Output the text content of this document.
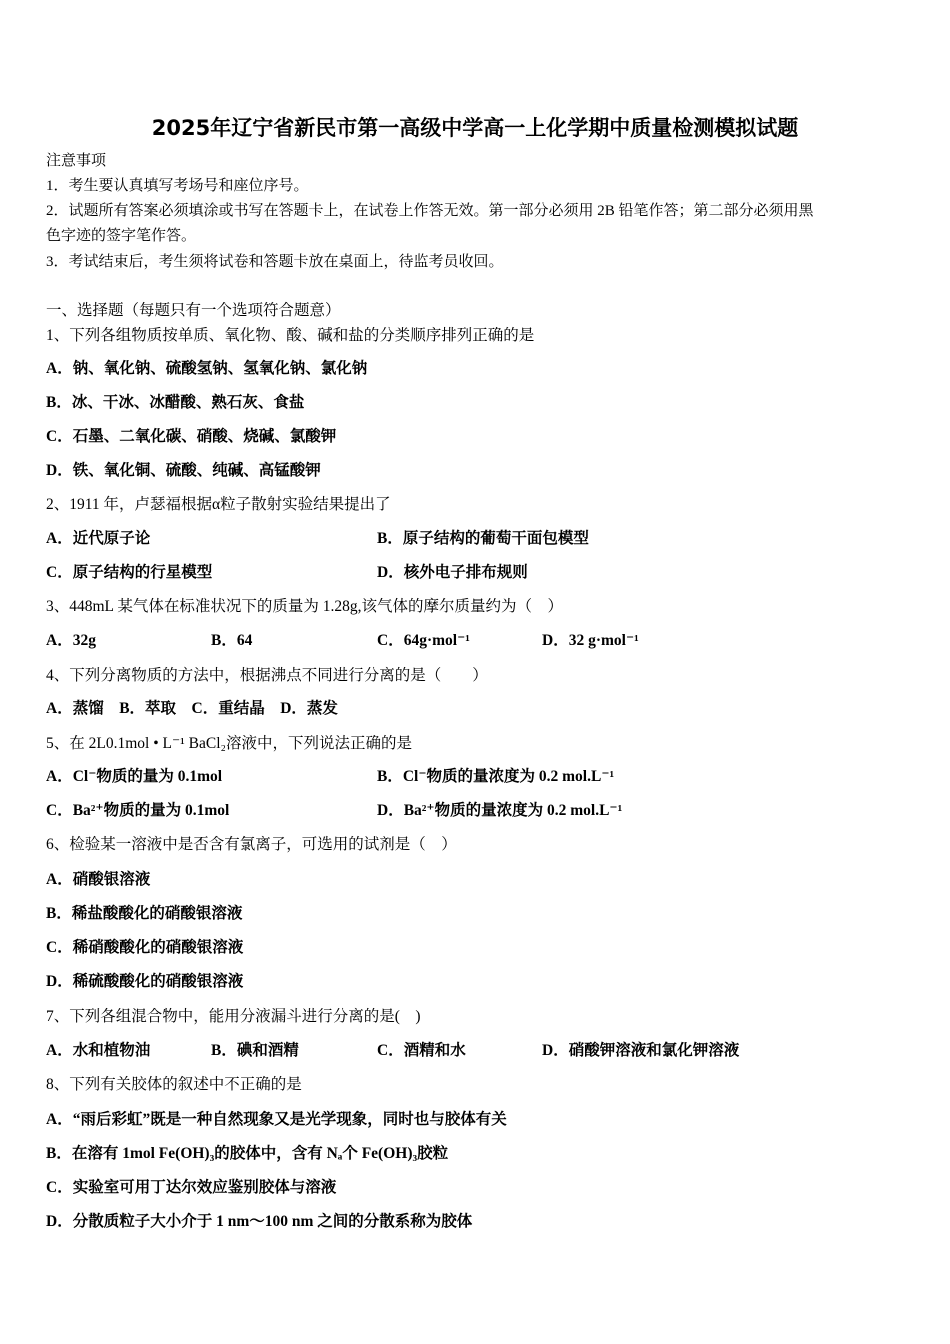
2025年辽宁省新民市第一高级中学高一上化学期中质量检测模拟试题
注意事项
1．考生要认真填写考场号和座位序号。
2．试题所有答案必须填涂或书写在答题卡上，在试卷上作答无效。第一部分必须用 2B 铅笔作答；第二部分必须用黑
色字迹的签字笔作答。
3．考试结束后，考生须将试卷和答题卡放在桌面上，待监考员收回。
一、选择题（每题只有一个选项符合题意）
1、下列各组物质按单质、氧化物、酸、碱和盐的分类顺序排列正确的是
A．钠、氧化钠、硫酸氢钠、氢氧化钠、氯化钠
B．冰、干冰、冰醋酸、熟石灰、食盐
C．石墨、二氧化碳、硝酸、烧碱、氯酸钾
D．铁、氧化铜、硫酸、纯碱、高锰酸钾
2、1911 年，卢瑟福根据α粒子散射实验结果提出了
A．近代原子论	B．原子结构的葡萄干面包模型
C．原子结构的行星模型	D．核外电子排布规则
3、448mL 某气体在标准状况下的质量为 1.28g,该气体的摩尔质量约为（　）
A．32g	B．64	C．64g·mol⁻¹	D．32 g·mol⁻¹
4、下列分离物质的方法中，根据沸点不同进行分离的是（　　）
A．蒸馏　B．萃取　C．重结晶　D．蒸发
5、在 2L0.1mol • L⁻¹ BaCl₂溶液中，下列说法正确的是
A．Cl⁻物质的量为 0.1mol	B．Cl⁻物质的量浓度为 0.2 mol.L⁻¹
C．Ba²⁺物质的量为 0.1mol	D．Ba²⁺物质的量浓度为 0.2 mol.L⁻¹
6、检验某一溶液中是否含有氯离子，可选用的试剂是（　）
A．硝酸银溶液
B．稀盐酸酸化的硝酸银溶液
C．稀硝酸酸化的硝酸银溶液
D．稀硫酸酸化的硝酸银溶液
7、下列各组混合物中，能用分液漏斗进行分离的是(　)
A．水和植物油	B．碘和酒精	C．酒精和水	D．硝酸钾溶液和氯化钾溶液
8、下列有关胶体的叙述中不正确的是
A．“雨后彩虹”既是一种自然现象又是光学现象，同时也与胶体有关
B．在溶有 1mol Fe(OH)₃的胶体中，含有 Nₐ个 Fe(OH)₃胶粒
C．实验室可用丁达尔效应鉴别胶体与溶液
D．分散质粒子大小介于 1 nm～100 nm 之间的分散系称为胶体
